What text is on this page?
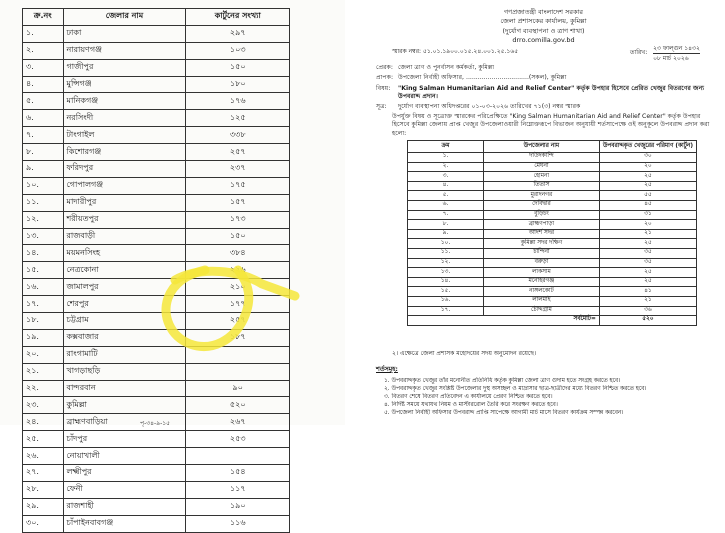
ক্র.নং	জেলার নাম	কার্টুনের সংখ্যা
১.	ঢাকা	২৯৭
২.	নারায়ণগঞ্জ	১০৩
৩.	গাজীপুর	১৫০
৪.	মুন্সিগঞ্জ	১৮০
৫.	মানিকগঞ্জ	১৭৬
৬.	নরসিংদী	১২৫
৭.	টাংগাইল	৩৩৮
৮.	কিশোরগঞ্জ	২৫৭
৯.	ফরিদপুর	২৩৭
১০.	গোপালগঞ্জ	১৭৫
১১.	মাদারীপুর	১৫৭
১২.	শরীয়তপুর	১৭৩
১৩.	রাজবাড়ী	১৫০
১৪.	ময়মনসিংহ	৩৮৪
১৫.	নেত্রকোনা	২২৬
১৬.	জামালপুর	২১০
১৭.	শেরপুর	১৭৭
১৮.	চট্টগ্রাম	২৫৭
১৯.	কক্সবাজার	১৮৭
২০.	রাংগামাটি	
২১.	খাগড়াছড়ি	
২২.	বান্দরবান	৯০
২৩.	কুমিল্লা	৫২০
২৪.	ব্রাহ্মণবাড়িয়া	২৬৭
২৫.	চাঁদপুর	২৫৩
২৬.	নোয়াখালী	
২৭.	লক্ষ্মীপুর	১৫৪
২৮.	ফেনী	১১৭
২৯.	রাজশাহী	১৯০
৩০.	চাঁপাইনবাবগঞ্জ	১১৬
পৃ-৩৪-৯-১৫
গণপ্রজাতন্ত্রী বাংলাদেশ সরকার
জেলা প্রশাসকের কার্যালয়, কুমিল্লা
(দুর্যোগ ব্যবস্থাপনা ও ত্রাণ শাখা)
drro.comilla.gov.bd
স্মারক নম্বর: ৫১.০১.১৯০০.০১৫.২৪.০০১.২৫.১৬৫	তারিখ:
২৩ ফাল্গুন ১৪৩২
০৮ মার্চ ২০২৬
প্রেরক: জেলা ত্রাণ ও পুনর্বাসন কর্মকর্তা, কুমিল্লা
প্রাপক: উপজেলা নির্বাহী অফিসার, ................................(সকল), কুমিল্লা
বিষয়:	"King Salman Humanitarian Aid and Relief Center" কর্তৃক উপহার হিসেবে প্রেরিত খেজুর বিতরণের জন্য উপবরাদ্দ প্রদান।
সূত্র:	দুর্যোগ ব্যবস্থাপনা অধিদপ্তরের ০১-০৩-২০২৬ তারিখের ৭১(৩) নম্বর স্মারক
উপর্যুক্ত বিষয় ও সূত্রোক্ত স্মারকের পরিপ্রেক্ষিতে "King Salman Humanitarian Aid and Relief Center" কর্তৃক উপহার হিসেবে কুমিল্লা জেলায় প্রাপ্ত খেজুর উপজেলাওয়ারী নিম্নোক্তরূপে বিভাজন অনুযায়ী শর্তসাপেক্ষে ওই অনুকূলে উপবরাদ্দ প্রদান করা হলো:
ক্রম	উপজেলার নাম	উপবরাদ্দকৃত খেজুরের পরিমাণ (কার্টুন)
১.	দাউদকান্দি	৩০
২.	মেঘনা	২০
৩.	হোমনা	২৫
৪.	তিতাস	২৫
৫.	মুরাদনগর	৫৫
৬.	দেবিদ্বার	৪৫
৭.	বুড়িচং	৩১
৮.	ব্রাহ্মণপাড়া	২০
৯.	আদর্শ সদর	২১
১০.	কুমিল্লা সদর দক্ষিণ	২৫
১১.	চান্দিনা	৩৫
১২.	বরুড়া	৩৫
১৩.	লাকসাম	২৫
১৪.	মনোহরগঞ্জ	২৫
১৫.	নাঙ্গলকোট	৪১
১৬.	লালমাই	২১
১৭.	চৌদ্দগ্রাম	৩৬
সর্বমোট=		৫২০
২। এক্ষেত্রে জেলা প্রশাসক মহোদয়ের সদয় অনুমোদন রয়েছে।
শর্তসমূহ:
১. উপবরাদ্দকৃত খেজুর তাঁর মনোনীত প্রতিনিধি কর্তৃক কুমিল্লা জেলা ত্রাণ গুদাম হতে সংগ্রহ করতে হবে।
২. উপবরাদ্দকৃত খেজুর সংশ্লিষ্ট উপজেলার দুস্থ অসচ্ছল ও মাদ্রাসার ছাত্র-ছাত্রীদের মধ্যে বিতরণ নিশ্চিত করতে হবে।
৩. বিতরণ শেষে বিতরণ প্রতিবেদন এ কার্যালয়ে প্রেরণ নিশ্চিত করতে হবে।
৪. নির্দিষ্ট সময়ে যথাযথ নিয়ম ও মাস্টাররোল তৈরি করে সংরক্ষণ করতে হবে।
৫. উপজেলা নির্বাহী অফিসার উপবরাদ্দ প্রাপ্তি সাপেক্ষে আগামী মার্চ মাসে বিতরণ কার্যক্রম সম্পন্ন করবেন।
